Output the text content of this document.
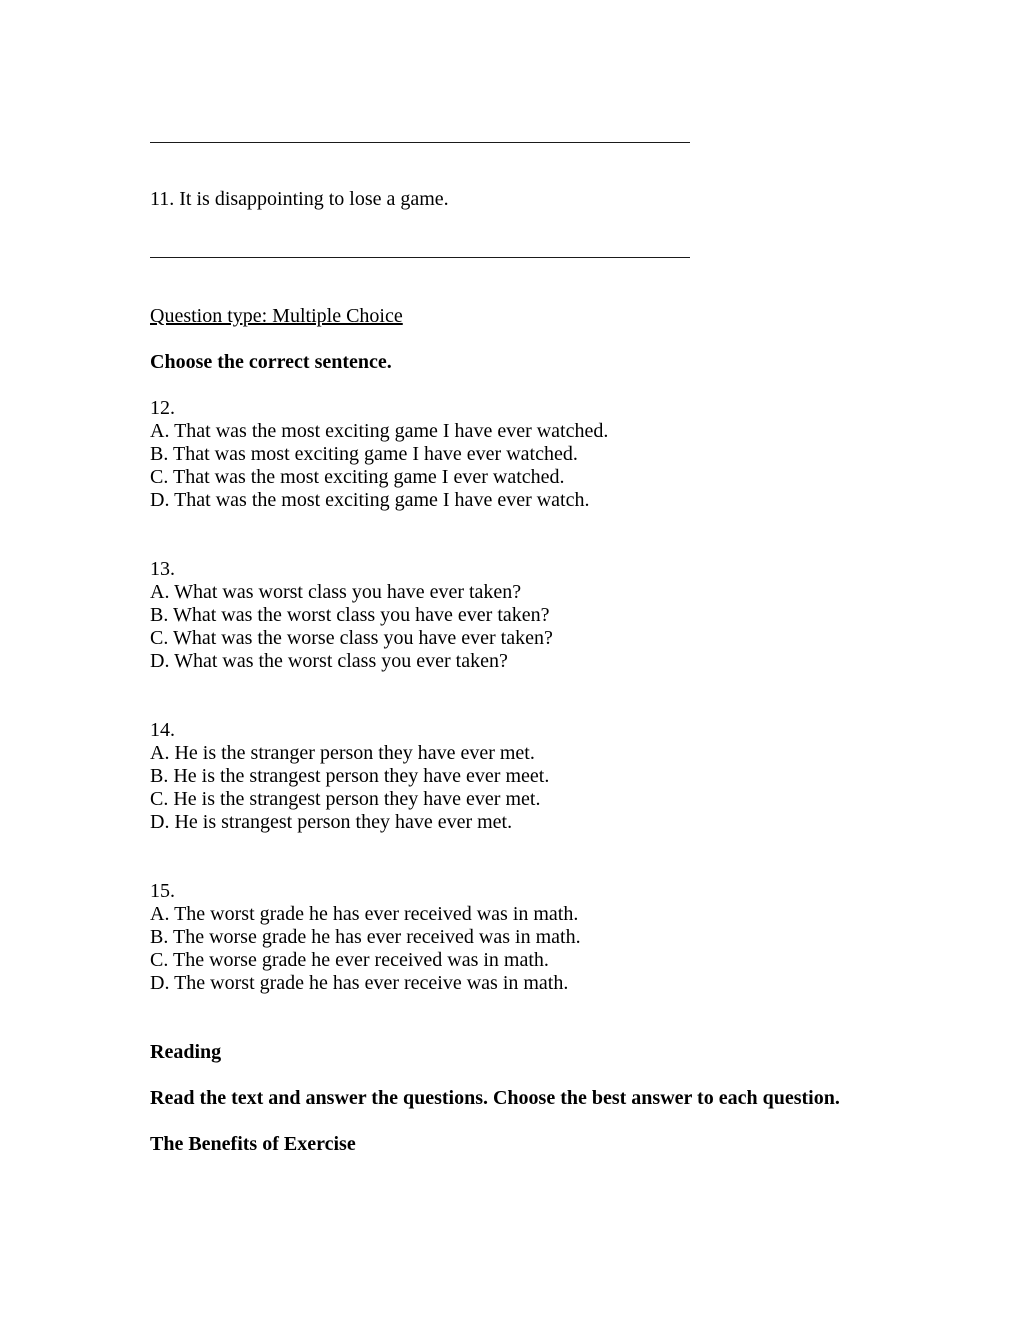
11. It is disappointing to lose a game.

Question type: Multiple Choice

Choose the correct sentence.

12.

A. That was the most exciting game I have ever watched.

B. That was most exciting game I have ever watched.

C. That was the most exciting game I ever watched.

D. That was the most exciting game I have ever watch.

13.

A. What was worst class you have ever taken?

B. What was the worst class you have ever taken?

C. What was the worse class you have ever taken?

D. What was the worst class you ever taken?

14.

A. He is the stranger person they have ever met.

B. He is the strangest person they have ever meet.

C. He is the strangest person they have ever met.

D. He is strangest person they have ever met.

15.

A. The worst grade he has ever received was in math.

B. The worse grade he has ever received was in math.

C. The worse grade he ever received was in math.

D. The worst grade he has ever receive was in math.

Reading

Read the text and answer the questions. Choose the best answer to each question.

The Benefits of Exercise
